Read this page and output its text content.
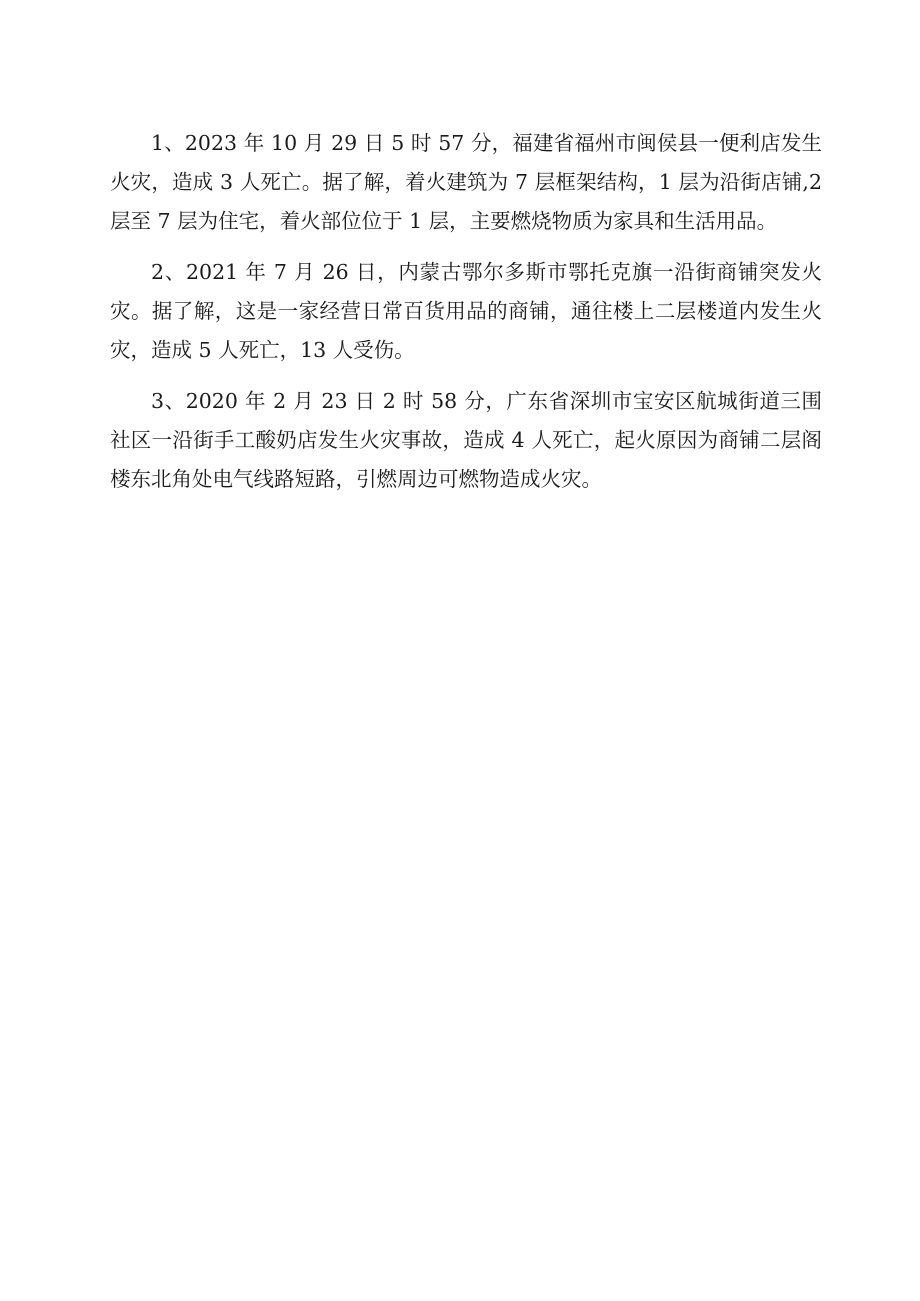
1、2023 年 10 月 29 日 5 时 57 分，福建省福州市闽侯县一便利店发生火灾，造成 3 人死亡。据了解，着火建筑为 7 层框架结构，1 层为沿街店铺,2 层至 7 层为住宅，着火部位位于 1 层，主要燃烧物质为家具和生活用品。

2、2021 年 7 月 26 日，内蒙古鄂尔多斯市鄂托克旗一沿街商铺突发火灾。据了解，这是一家经营日常百货用品的商铺，通往楼上二层楼道内发生火灾，造成 5 人死亡，13 人受伤。

3、2020 年 2 月 23 日 2 时 58 分，广东省深圳市宝安区航城街道三围社区一沿街手工酸奶店发生火灾事故，造成 4 人死亡，起火原因为商铺二层阁楼东北角处电气线路短路，引燃周边可燃物造成火灾。
